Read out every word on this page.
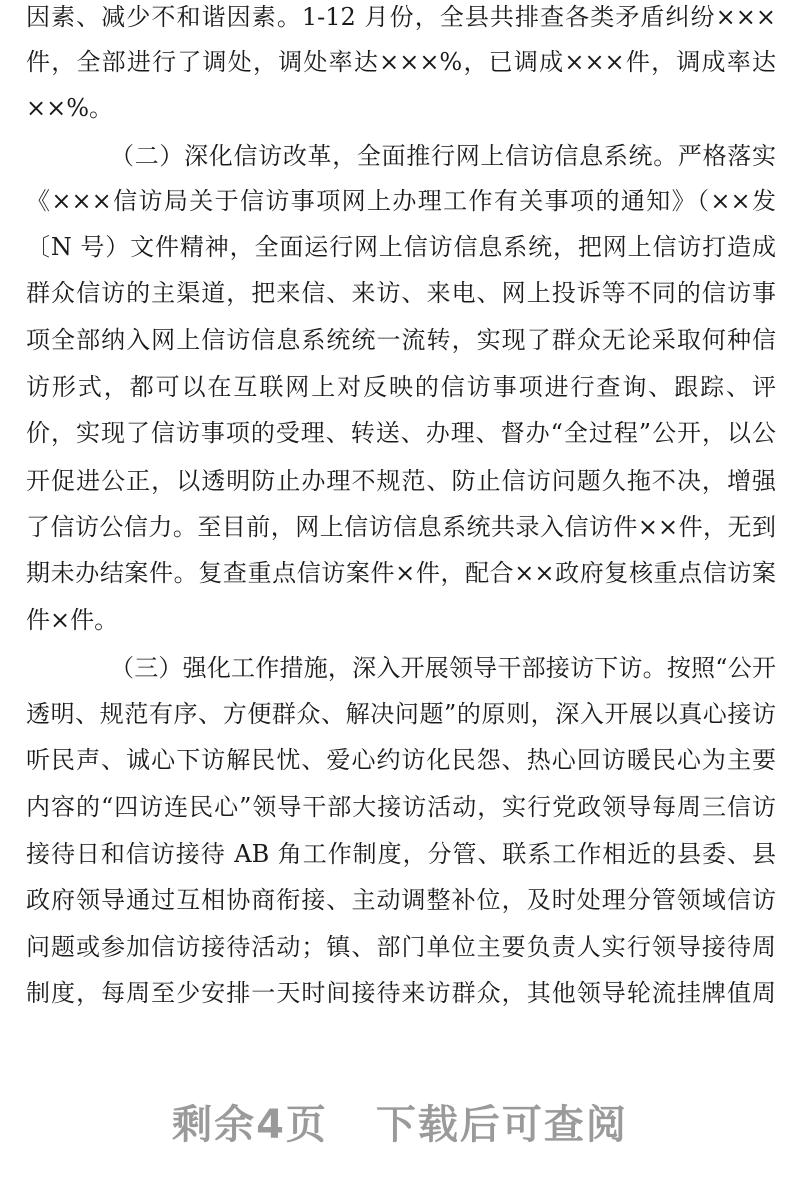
因素、减少不和谐因素。1-12 月份，全县共排查各类矛盾纠纷×××
件，全部进行了调处，调处率达×××%，已调成×××件，调成率达
××%。
（二）深化信访改革，全面推行网上信访信息系统。严格落实
《×××信访局关于信访事项网上办理工作有关事项的通知》（××发
〔N 号）文件精神，全面运行网上信访信息系统，把网上信访打造成
群众信访的主渠道，把来信、来访、来电、网上投诉等不同的信访事
项全部纳入网上信访信息系统统一流转，实现了群众无论采取何种信
访形式，都可以在互联网上对反映的信访事项进行查询、跟踪、评
价，实现了信访事项的受理、转送、办理、督办“全过程”公开，以公
开促进公正，以透明防止办理不规范、防止信访问题久拖不决，增强
了信访公信力。至目前，网上信访信息系统共录入信访件××件，无到
期未办结案件。复查重点信访案件×件，配合××政府复核重点信访案
件×件。
（三）强化工作措施，深入开展领导干部接访下访。按照“公开
透明、规范有序、方便群众、解决问题”的原则，深入开展以真心接访
听民声、诚心下访解民忧、爱心约访化民怨、热心回访暖民心为主要
内容的“四访连民心”领导干部大接访活动，实行党政领导每周三信访
接待日和信访接待 AB 角工作制度，分管、联系工作相近的县委、县
政府领导通过互相协商衔接、主动调整补位，及时处理分管领域信访
问题或参加信访接待活动；镇、部门单位主要负责人实行领导接待周
制度，每周至少安排一天时间接待来访群众，其他领导轮流挂牌值周
剩余4页 下载后可查阅
